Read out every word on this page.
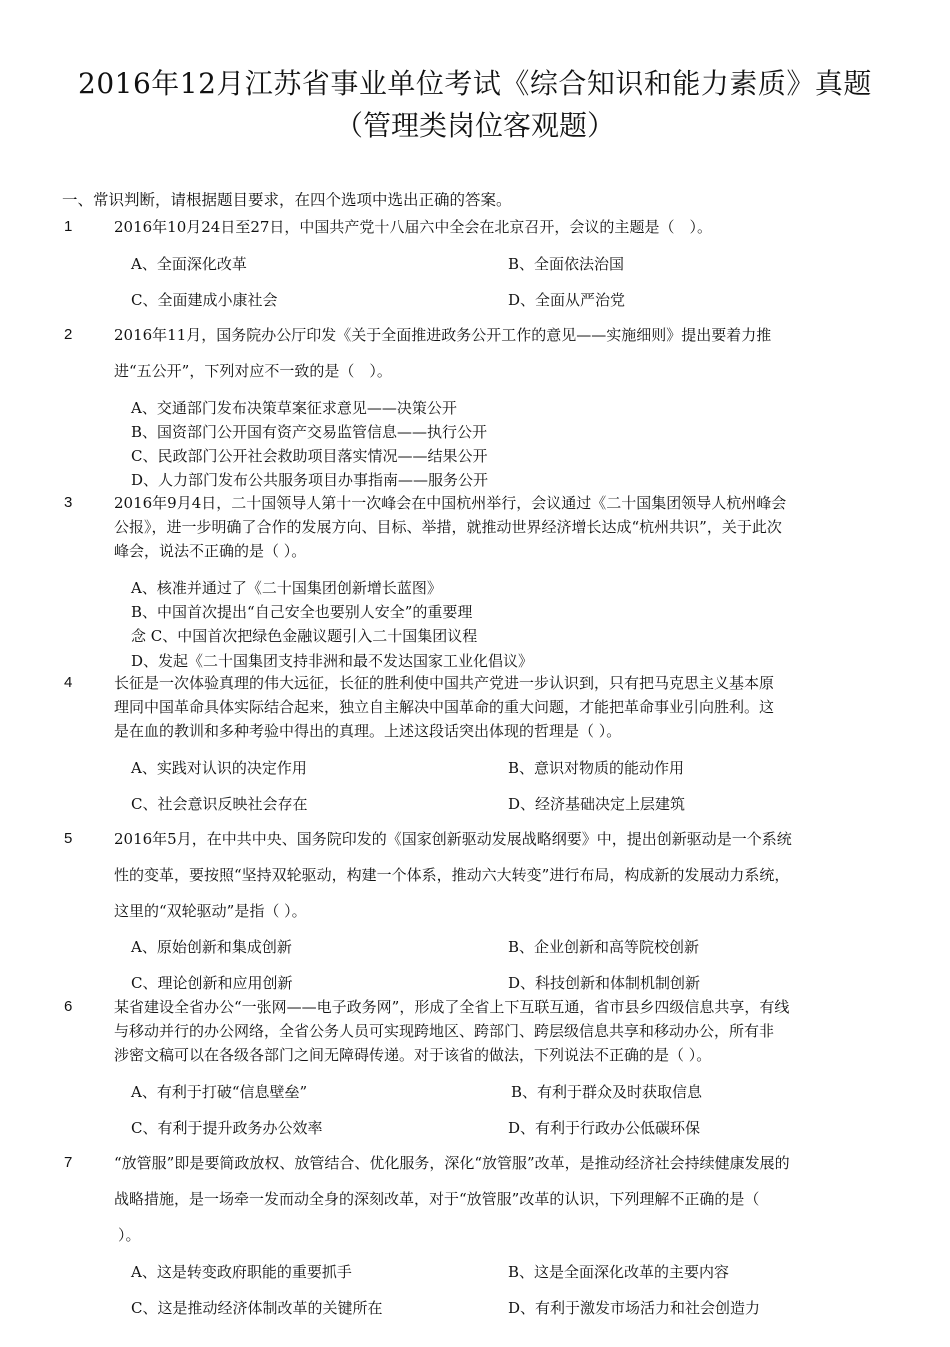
2016年12月江苏省事业单位考试《综合知识和能力素质》真题
（管理类岗位客观题）
一、常识判断，请根据题目要求，在四个选项中选出正确的答案。
1	2016年10月24日至27日，中国共产党十八届六中全会在北京召开，会议的主题是（　）。
A、全面深化改革	B、全面依法治国
C、全面建成小康社会	D、全面从严治党
2	2016年11月，国务院办公厅印发《关于全面推进政务公开工作的意见——实施细则》提出要着力推
进“五公开”，下列对应不一致的是（　）。
A、交通部门发布决策草案征求意见——决策公开
B、国资部门公开国有资产交易监管信息——执行公开
C、民政部门公开社会救助项目落实情况——结果公开
D、人力部门发布公共服务项目办事指南——服务公开
3	2016年9月4日，二十国领导人第十一次峰会在中国杭州举行，会议通过《二十国集团领导人杭州峰会
公报》，进一步明确了合作的发展方向、目标、举措，就推动世界经济增长达成“杭州共识”，关于此次
峰会，说法不正确的是（ ）。
A、核准并通过了《二十国集团创新增长蓝图》
B、中国首次提出“自己安全也要别人安全”的重要理
念 C、中国首次把绿色金融议题引入二十国集团议程
D、发起《二十国集团支持非洲和最不发达国家工业化倡议》
4	长征是一次体验真理的伟大远征，长征的胜利使中国共产党进一步认识到，只有把马克思主义基本原
理同中国革命具体实际结合起来，独立自主解决中国革命的重大问题，才能把革命事业引向胜利。这
是在血的教训和多种考验中得出的真理。上述这段话突出体现的哲理是（ ）。
A、实践对认识的决定作用	B、意识对物质的能动作用
C、社会意识反映社会存在	D、经济基础决定上层建筑
5	2016年5月，在中共中央、国务院印发的《国家创新驱动发展战略纲要》中，提出创新驱动是一个系统
性的变革，要按照“坚持双轮驱动，构建一个体系，推动六大转变”进行布局，构成新的发展动力系统，
这里的“双轮驱动”是指（ ）。
A、原始创新和集成创新	B、企业创新和高等院校创新
C、理论创新和应用创新	D、科技创新和体制机制创新
6	某省建设全省办公“一张网——电子政务网”，形成了全省上下互联互通，省市县乡四级信息共享，有线
与移动并行的办公网络，全省公务人员可实现跨地区、跨部门、跨层级信息共享和移动办公，所有非
涉密文稿可以在各级各部门之间无障碍传递。对于该省的做法，下列说法不正确的是（ ）。
A、有利于打破“信息壁垒”	B、有利于群众及时获取信息
C、有利于提升政务办公效率	D、有利于行政办公低碳环保
7	“放管服”即是要简政放权、放管结合、优化服务，深化“放管服”改革，是推动经济社会持续健康发展的
战略措施，是一场牵一发而动全身的深刻改革，对于“放管服”改革的认识，下列理解不正确的是（
）。
A、这是转变政府职能的重要抓手	B、这是全面深化改革的主要内容
C、这是推动经济体制改革的关键所在	D、有利于激发市场活力和社会创造力
